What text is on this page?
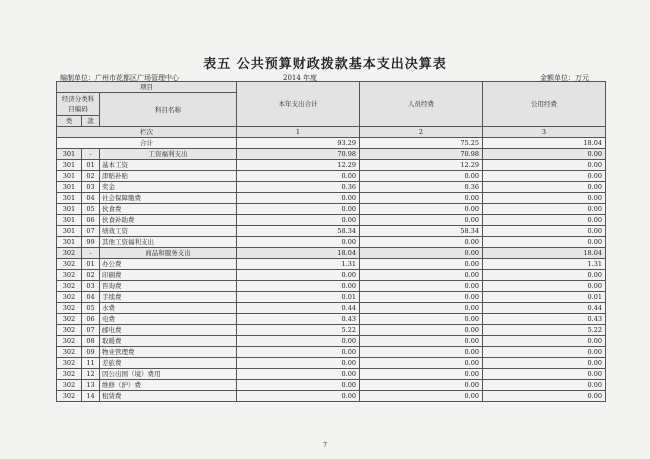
表五 公共预算财政拨款基本支出决算表
编制单位：广州市花都区广场管理中心	2014 年度	金额单位：万元
项目			本年支出合计	人员经费	公用经费
经济分类科目编码		科目名称			
类	款				
栏次			1	2	3
合计			93.29	75.25	18.04
301	-	工资福利支出	70.98	70.98	0.00
301	01	基本工资	12.29	12.29	0.00
301	02	津贴补贴	0.00	0.00	0.00
301	03	奖金	0.36	0.36	0.00
301	04	社会保障缴费	0.00	0.00	0.00
301	05	伙食费	0.00	0.00	0.00
301	06	伙食补助费	0.00	0.00	0.00
301	07	绩效工资	58.34	58.34	0.00
301	99	其他工资福利支出	0.00	0.00	0.00
302	-	商品和服务支出	18.04	0.00	18.04
302	01	办公费	1.31	0.00	1.31
302	02	印刷费	0.00	0.00	0.00
302	03	咨询费	0.00	0.00	0.00
302	04	手续费	0.01	0.00	0.01
302	05	水费	0.44	0.00	0.44
302	06	电费	0.43	0.00	0.43
302	07	邮电费	5.22	0.00	5.22
302	08	取暖费	0.00	0.00	0.00
302	09	物业管理费	0.00	0.00	0.00
302	11	差旅费	0.00	0.00	0.00
302	12	因公出国（境）费用	0.00	0.00	0.00
302	13	维修（护）费	0.00	0.00	0.00
302	14	租赁费	0.00	0.00	0.00
7
